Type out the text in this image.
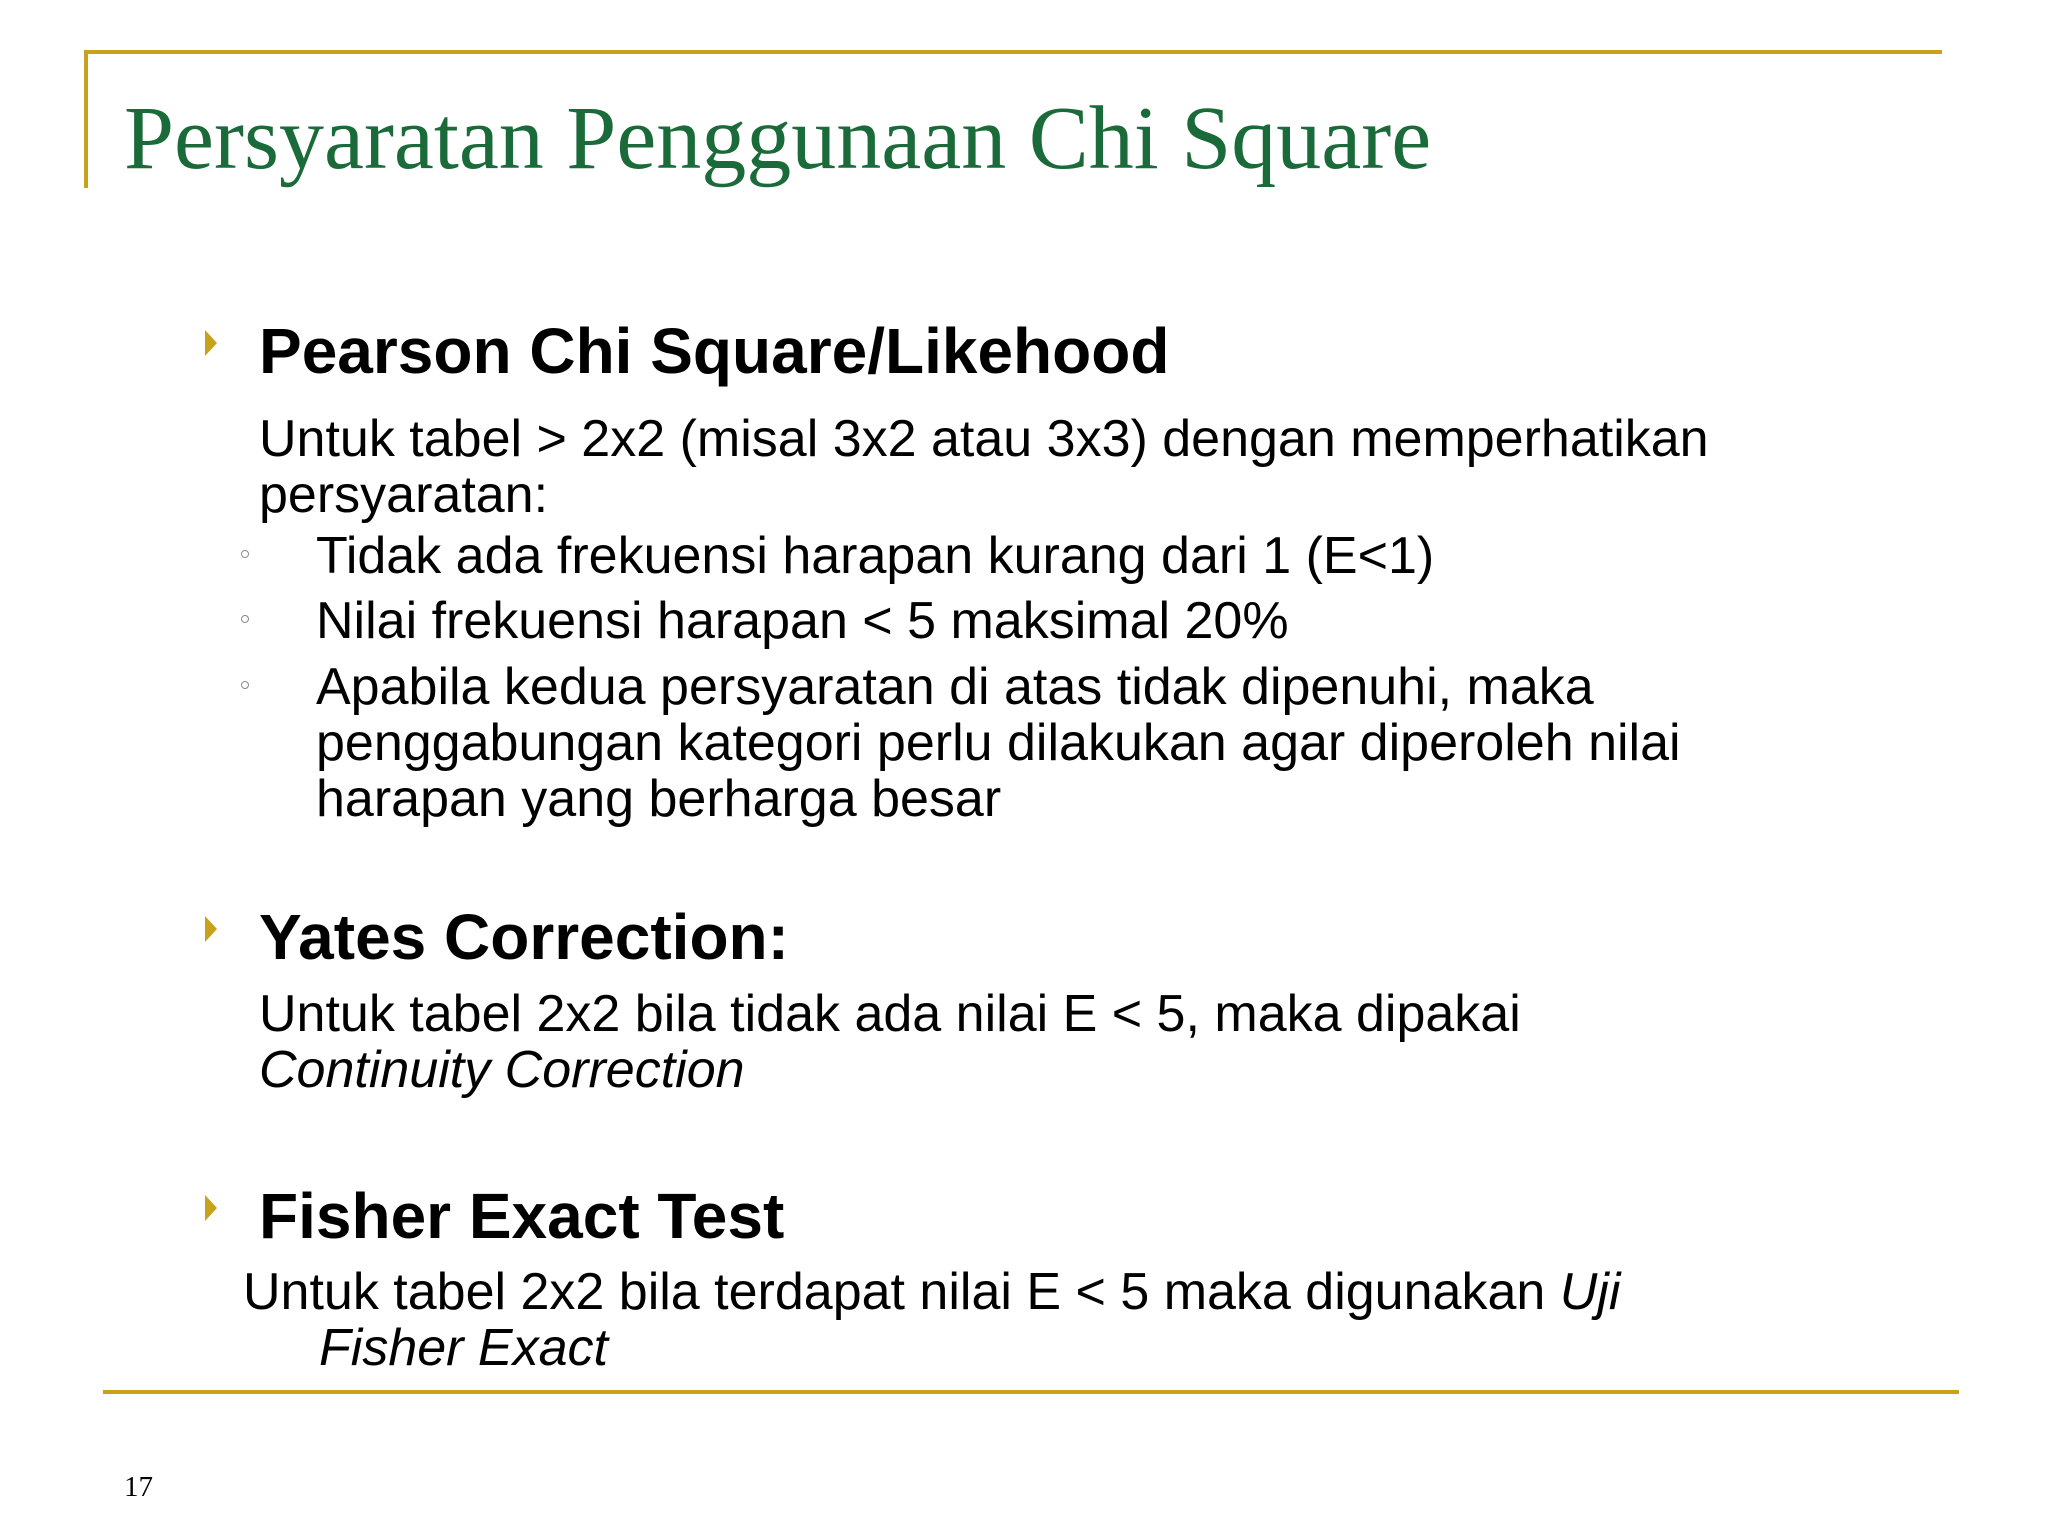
Persyaratan Penggunaan Chi Square
Pearson Chi Square/Likehood

Untuk tabel > 2x2 (misal 3x2 atau 3x3) dengan memperhatikan persyaratan:

Tidak ada frekuensi harapan kurang dari 1 (E<1)

Nilai frekuensi harapan < 5 maksimal 20%

Apabila kedua persyaratan di atas tidak dipenuhi, maka penggabungan kategori perlu dilakukan agar diperoleh nilai harapan yang berharga besar

Yates Correction:

Untuk tabel 2x2 bila tidak ada nilai E < 5, maka dipakai
Continuity Correction

Fisher Exact Test

Untuk tabel 2x2 bila terdapat nilai E < 5 maka digunakan Uji
Fisher Exact

17
